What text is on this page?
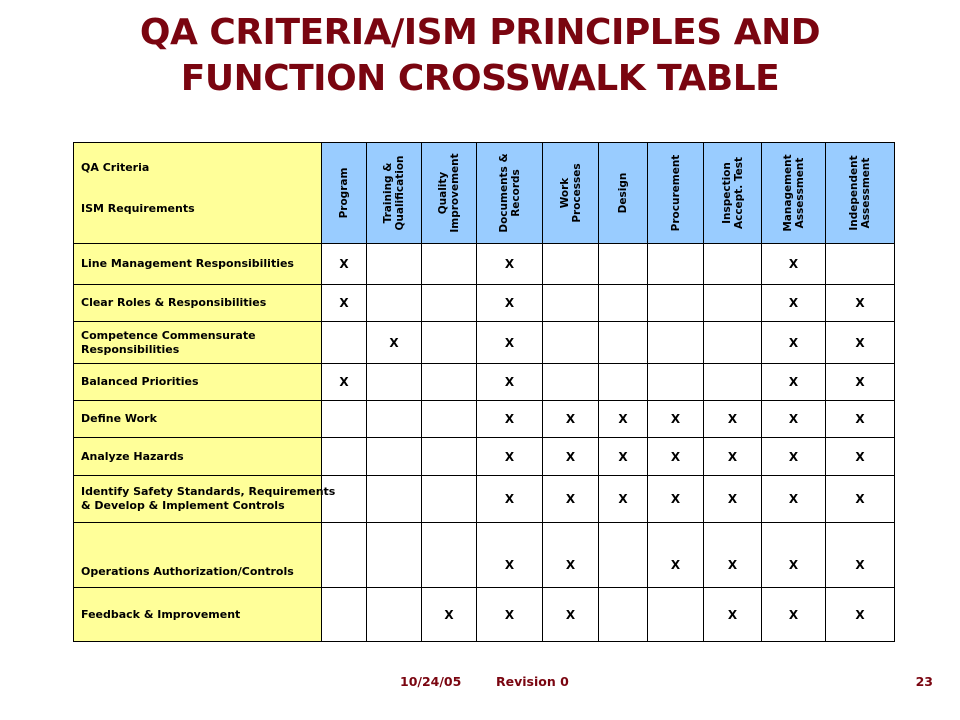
QA CRITERIA/ISM PRINCIPLES AND
FUNCTION CROSSWALK TABLE
QA Criteria
ISM Requirements	Program	Training &
Qualification	Quality
Improvement	Documents &
Records	Work
Processes	Design	Procurement	Inspection
Accept. Test	Management
Assessment	Independent
Assessment

Line Management Responsibilities	X			X					X	
Clear Roles & Responsibilities	X			X					X	X
Competence Commensurate
Responsibilities		X		X					X	X
Balanced Priorities	X			X					X	X
Define Work				X	X	X	X	X	X	X
Analyze Hazards				X	X	X	X	X	X	X
Identify Safety Standards, Requirements
& Develop & Implement Controls				X	X	X	X	X	X	X
Operations Authorization/Controls				X	X		X	X	X	X
Feedback & Improvement			X	X	X			X	X	X
10/24/05	Revision 0	23
